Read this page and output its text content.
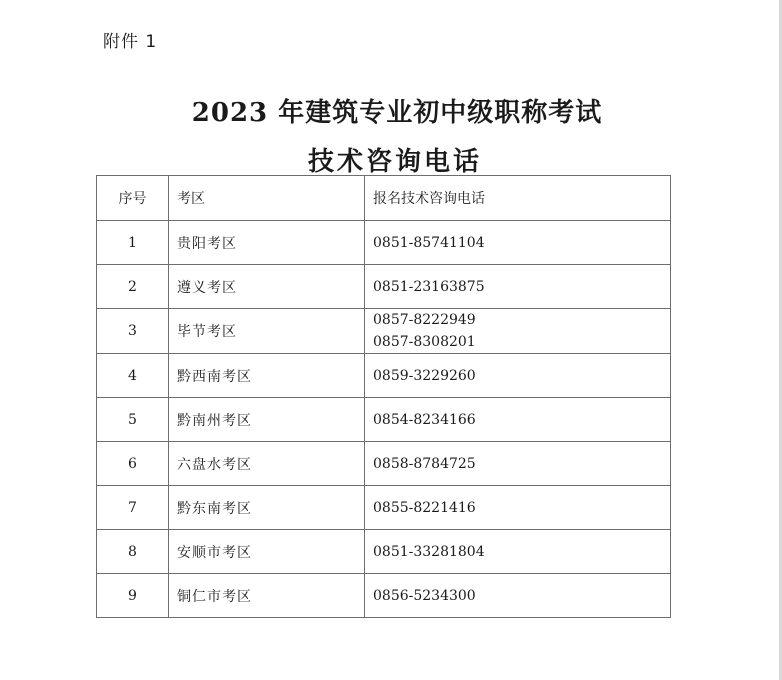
附件 1
2023 年建筑专业初中级职称考试
技术咨询电话
序号	考区	报名技术咨询电话
1	贵阳考区	0851-85741104

2	遵义考区	0851-23163875

3	毕节考区	0857-8222949
0857-8308201

4	黔西南考区	0859-3229260

5	黔南州考区	0854-8234166

6	六盘水考区	0858-8784725

7	黔东南考区	0855-8221416

8	安顺市考区	0851-33281804

9	铜仁市考区	0856-5234300
